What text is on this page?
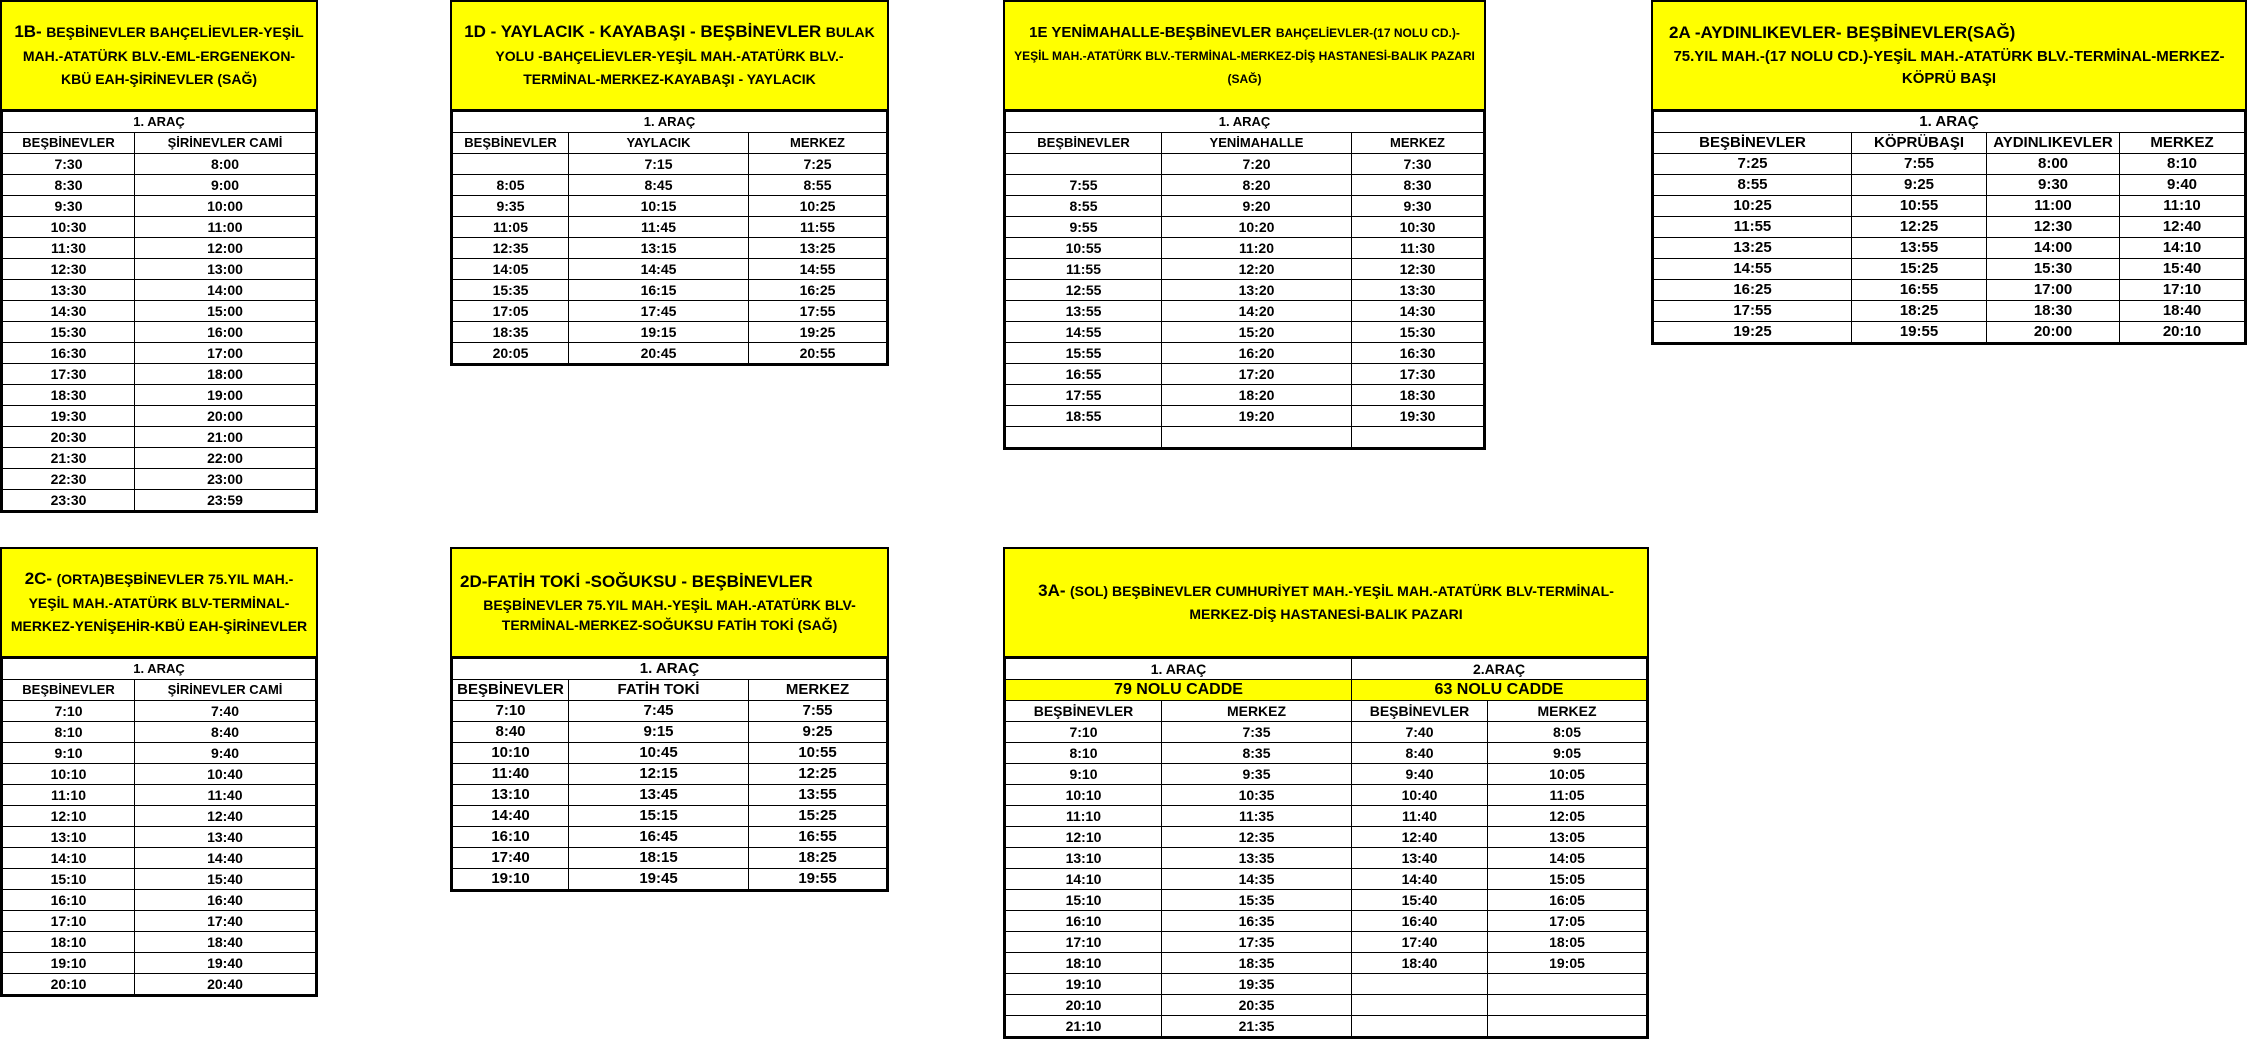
1B- BEŞBİNEVLER BAHÇELİEVLER-YEŞİL MAH.-ATATÜRK BLV.-EML-ERGENEKON-KBÜ EAH-ŞİRİNEVLER (SAĞ)
1. ARAÇ	
BEŞBİNEVLER	ŞİRİNEVLER CAMİ
7:30	8:00
8:30	9:00
9:30	10:00
10:30	11:00
11:30	12:00
12:30	13:00
13:30	14:00
14:30	15:00
15:30	16:00
16:30	17:00
17:30	18:00
18:30	19:00
19:30	20:00
20:30	21:00
21:30	22:00
22:30	23:00
23:30	23:59
1D - YAYLACIK - KAYABAŞI - BEŞBİNEVLER BULAK YOLU -BAHÇELİEVLER-YEŞİL MAH.-ATATÜRK BLV.-TERMİNAL-MERKEZ-KAYABAŞI - YAYLACIK
1. ARAÇ		
BEŞBİNEVLER	YAYLACIK	MERKEZ
	7:15	7:25
8:05	8:45	8:55
9:35	10:15	10:25
11:05	11:45	11:55
12:35	13:15	13:25
14:05	14:45	14:55
15:35	16:15	16:25
17:05	17:45	17:55
18:35	19:15	19:25
20:05	20:45	20:55
1E YENİMAHALLE-BEŞBİNEVLER BAHÇELİEVLER-(17 NOLU CD.)-YEŞİL MAH.-ATATÜRK BLV.-TERMİNAL-MERKEZ-DİŞ HASTANESİ-BALIK PAZARI (SAĞ)
1. ARAÇ		
BEŞBİNEVLER	YENİMAHALLE	MERKEZ
	7:20	7:30
7:55	8:20	8:30
8:55	9:20	9:30
9:55	10:20	10:30
10:55	11:20	11:30
11:55	12:20	12:30
12:55	13:20	13:30
13:55	14:20	14:30
14:55	15:20	15:30
15:55	16:20	16:30
16:55	17:20	17:30
17:55	18:20	18:30
18:55	19:20	19:30

2A -AYDINLIKEVLER- BEŞBİNEVLER(SAĞ)
75.YIL MAH.-(17 NOLU CD.)-YEŞİL MAH.-ATATÜRK BLV.-TERMİNAL-MERKEZ-KÖPRÜ BAŞI
1. ARAÇ			
BEŞBİNEVLER	KÖPRÜBAŞI	AYDINLIKEVLER	MERKEZ
7:25	7:55	8:00	8:10
8:55	9:25	9:30	9:40
10:25	10:55	11:00	11:10
11:55	12:25	12:30	12:40
13:25	13:55	14:00	14:10
14:55	15:25	15:30	15:40
16:25	16:55	17:00	17:10
17:55	18:25	18:30	18:40
19:25	19:55	20:00	20:10
2C- (ORTA)BEŞBİNEVLER 75.YIL MAH.-YEŞİL MAH.-ATATÜRK BLV-TERMİNAL-MERKEZ-YENİŞEHİR-KBÜ EAH-ŞİRİNEVLER
1. ARAÇ	
BEŞBİNEVLER	ŞİRİNEVLER CAMİ
7:10	7:40
8:10	8:40
9:10	9:40
10:10	10:40
11:10	11:40
12:10	12:40
13:10	13:40
14:10	14:40
15:10	15:40
16:10	16:40
17:10	17:40
18:10	18:40
19:10	19:40
20:10	20:40
2D-FATİH TOKİ -SOĞUKSU - BEŞBİNEVLER
BEŞBİNEVLER 75.YIL MAH.-YEŞİL MAH.-ATATÜRK BLV-TERMİNAL-MERKEZ-SOĞUKSU FATİH TOKİ (SAĞ)
1. ARAÇ		
BEŞBİNEVLER	FATİH TOKİ	MERKEZ
7:10	7:45	7:55
8:40	9:15	9:25
10:10	10:45	10:55
11:40	12:15	12:25
13:10	13:45	13:55
14:40	15:15	15:25
16:10	16:45	16:55
17:40	18:15	18:25
19:10	19:45	19:55
3A- (SOL) BEŞBİNEVLER CUMHURİYET MAH.-YEŞİL MAH.-ATATÜRK BLV-TERMİNAL-MERKEZ-DİŞ HASTANESİ-BALIK PAZARI
1. ARAÇ		2.ARAÇ	
79 NOLU CADDE		63 NOLU CADDE	
BEŞBİNEVLER	MERKEZ	BEŞBİNEVLER	MERKEZ
7:10	7:35	7:40	8:05
8:10	8:35	8:40	9:05
9:10	9:35	9:40	10:05
10:10	10:35	10:40	11:05
11:10	11:35	11:40	12:05
12:10	12:35	12:40	13:05
13:10	13:35	13:40	14:05
14:10	14:35	14:40	15:05
15:10	15:35	15:40	16:05
16:10	16:35	16:40	17:05
17:10	17:35	17:40	18:05
18:10	18:35	18:40	19:05
19:10	19:35		
20:10	20:35		
21:10	21:35		
